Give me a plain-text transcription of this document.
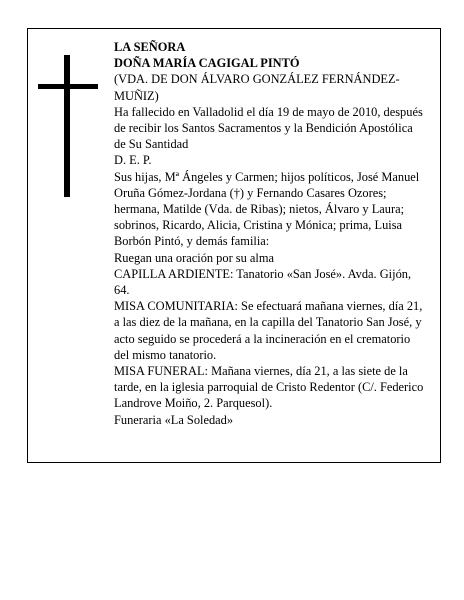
LA SEÑORA

DOÑA MARÍA CAGIGAL PINTÓ

(VDA. DE DON ÁLVARO GONZÁLEZ FERNÁNDEZ-MUÑIZ)

Ha fallecido en Valladolid el día 19 de mayo de 2010, después de recibir los Santos Sacramentos y la Bendición Apostólica de Su Santidad

D. E. P.

Sus hijas, Mª Ángeles y Carmen; hijos políticos, José Manuel Oruña Gómez-Jordana (†) y Fernando Casares Ozores; hermana, Matilde (Vda. de Ribas); nietos, Álvaro y Laura; sobrinos, Ricardo, Alicia, Cristina y Mónica; prima, Luisa Borbón Pintó, y demás familia:

Ruegan una oración por su alma

CAPILLA ARDIENTE: Tanatorio «San José». Avda. Gijón, 64.

MISA COMUNITARIA: Se efectuará mañana viernes, día 21, a las diez de la mañana, en la capilla del Tanatorio San José, y acto seguido se procederá a la incineración en el crematorio del mismo tanatorio.

MISA FUNERAL: Mañana viernes, día 21, a las siete de la tarde, en la iglesia parroquial de Cristo Redentor (C/. Federico Landrove Moiño, 2. Parquesol).

Funeraria «La Soledad»
